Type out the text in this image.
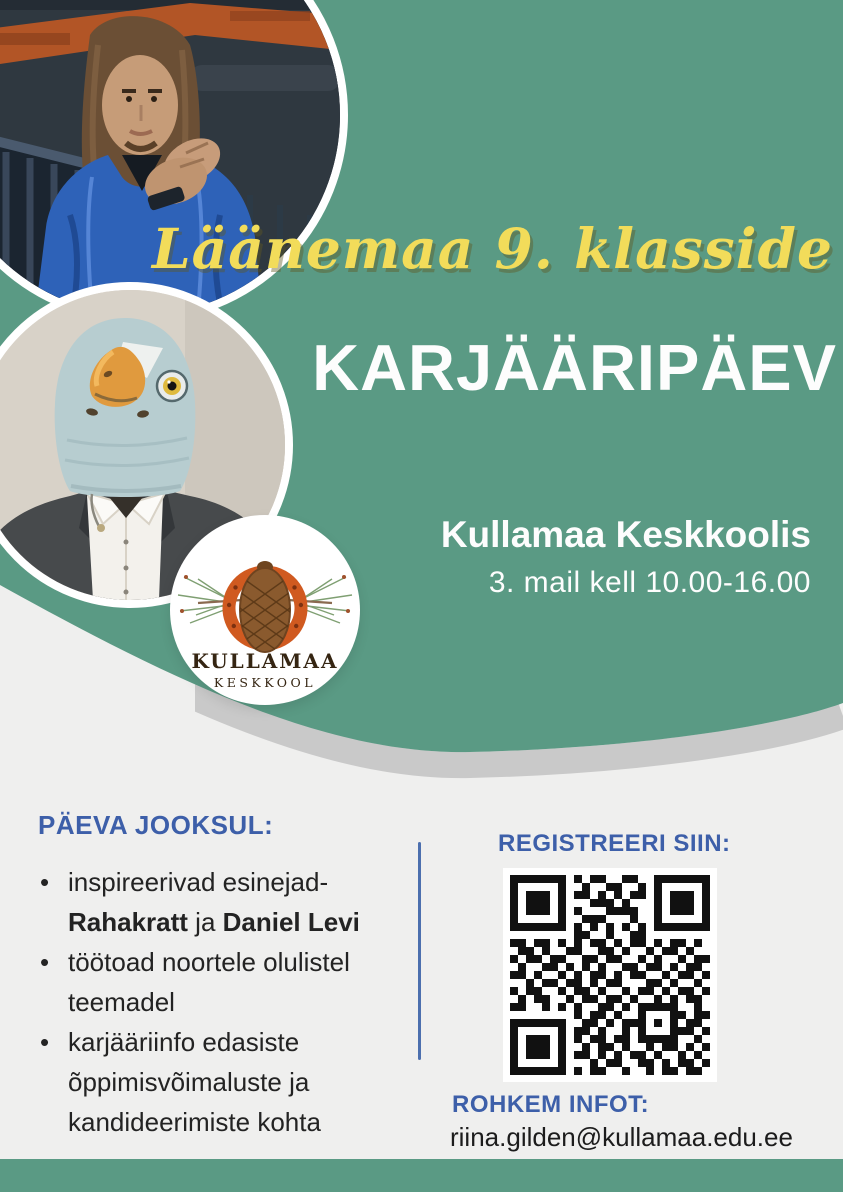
KULLAMAA
KESKKOOL
Läänemaa 9. klasside
KARJÄÄRIPÄEV
Kullamaa Keskkoolis
3. mail kell 10.00-16.00
PÄEVA JOOKSUL:
• inspireerivad esinejad- Rahakratt ja Daniel Levi
• töötoad noortele olulistel teemadel
• karjääriinfo edasiste õppimisvõimaluste ja kandideerimiste kohta
REGISTREERI SIIN:
ROHKEM INFOT:
riina.gilden@kullamaa.edu.ee
